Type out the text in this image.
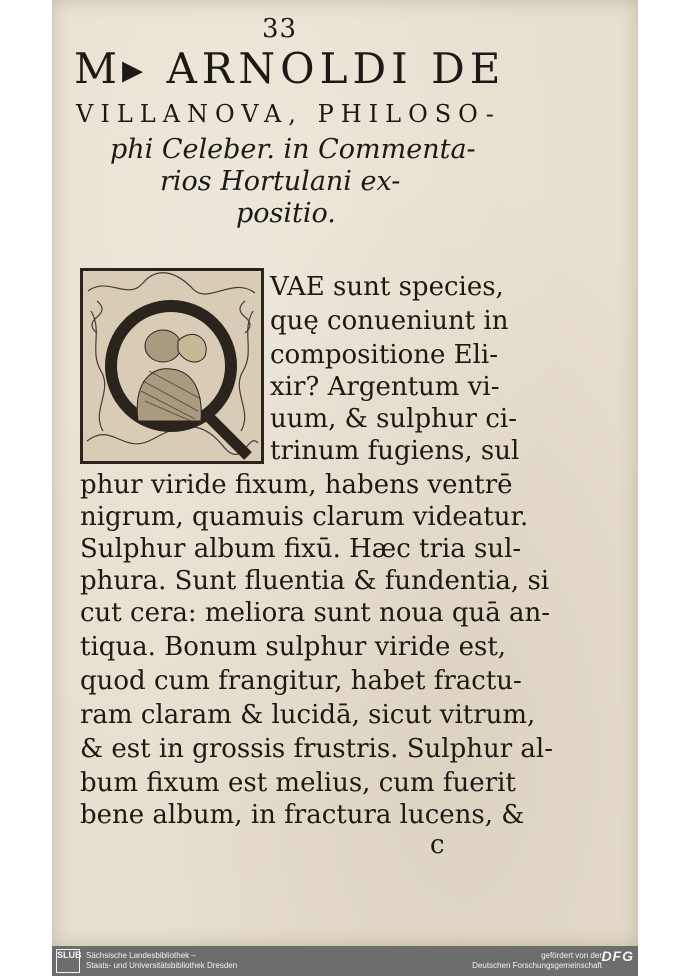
33
M▸ ARNOLDI DE
VILLANOVA, PHILOSO-
phi Celeber. in Commenta-
rios Hortulani ex-
positio.
VAE sunt species,
quę conueniunt in
compositione Eli-
xir? Argentum vi-
uum, & sulphur ci-
trinum fugiens, sul
phur viride fixum, habens ventrē
nigrum, quamuis clarum videatur.
Sulphur album fixū. Hæc tria sul-
phura. Sunt fluentia & fundentia, si
cut cera: meliora sunt noua quā an-
tiqua. Bonum sulphur viride est,
quod cum frangitur, habet fractu-
ram claram & lucidā, sicut vitrum,
& est in grossis frustris. Sulphur al-
bum fixum est melius, cum fuerit
bene album, in fractura lucens, &
c
SLUB Sächsische Landesbibliothek –
Staats- und Universitätsbibliothek Dresden
gefördert von der
Deutschen Forschungsgemeinschaft
DFG
